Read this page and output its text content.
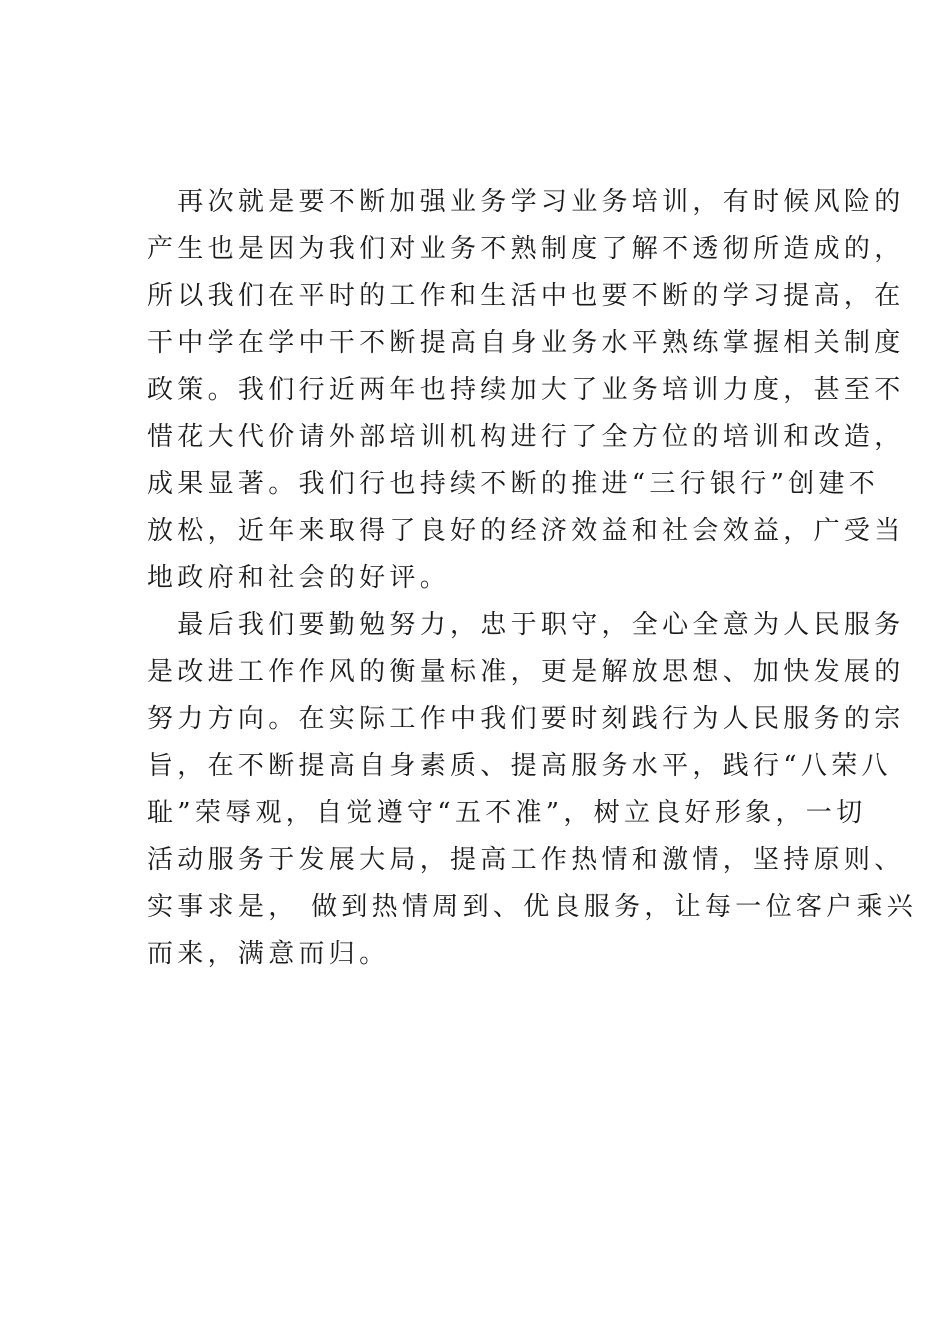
　再次就是要不断加强业务学习业务培训，有时候风险的
产生也是因为我们对业务不熟制度了解不透彻所造成的，
所以我们在平时的工作和生活中也要不断的学习提高，在
干中学在学中干不断提高自身业务水平熟练掌握相关制度
政策。我们行近两年也持续加大了业务培训力度，甚至不
惜花大代价请外部培训机构进行了全方位的培训和改造，
成果显著。我们行也持续不断的推进“三行银行”创建不
放松，近年来取得了良好的经济效益和社会效益，广受当
地政府和社会的好评。
　最后我们要勤勉努力，忠于职守，全心全意为人民服务
是改进工作作风的衡量标准，更是解放思想、加快发展的
努力方向。在实际工作中我们要时刻践行为人民服务的宗
旨，在不断提高自身素质、提高服务水平，践行“八荣八
耻”荣辱观，自觉遵守“五不准”，树立良好形象，一切
活动服务于发展大局，提高工作热情和激情，坚持原则、
实事求是， 做到热情周到、优良服务，让每一位客户乘兴
而来，满意而归。
